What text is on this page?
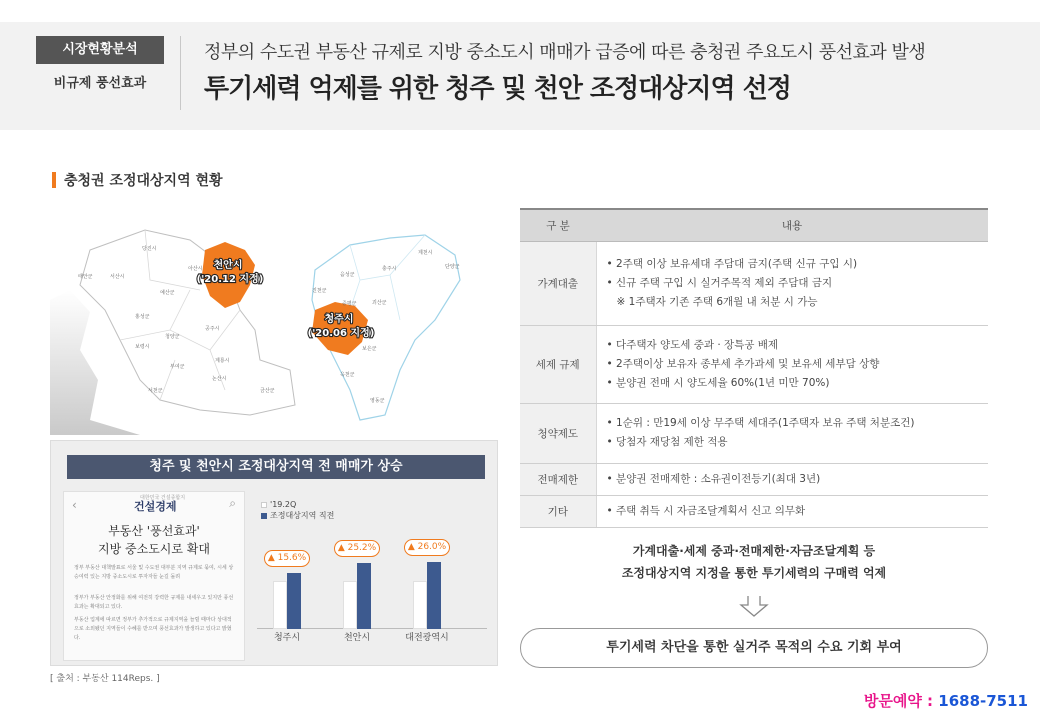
시장현황분석
비규제 풍선효과
정부의 수도권 부동산 규제로 지방 중소도시 매매가 급증에 따른 충청권 주요도시 풍선효과 발생
투기세력 억제를 위한 청주 및 천안 조정대상지역 선정
충청권 조정대상지역 현황
당진시
태안군	서산시
예산군
홍성군
청양군
공주시
보령시
부여군
계룡시
논산시
서천군	금산군
아산시
제천시
음성군
충주시	단양군
진천군
증평군	괴산군
보은군
옥천군
영동군
천안시
('20.12 지정)
청주시
('20.06 지정)
청주 및 천안시 조정대상지역 전 매매가 상승
‹	⌕
대한민국 건설종합지
건설경제
부동산 '풍선효과'
지방 중소도시로 확대
정부 부동산 대책발표로 서울 및 수도권 대부분 지역 규제로 묶여, 시세 상승여력 있는 지방 중소도시로 투자자들 눈길 돌려
정부가 부동산 안정화를 위해 여전히 강력한 규제를 내세우고 있지만 풍선효과는 확대되고 있다.
부동산 업계에 따르면 정부가 추가적으로 규제지역을 늘릴 때마다 상대적으로 소외됐던 지역들이 수혜를 받으며 풍선효과가 발생하고 있다고 밝혔다.
'19.2Q
조정대상지역 직전
▲ 15.6%
청주시
▲ 25.2%
천안시
▲ 26.0%
대전광역시
[ 출처 : 부동산 114Reps. ]
구 분	내용
가계대출	• 2주택 이상 보유세대 주담대 금지(주택 신규 구입 시)
• 신규 주택 구입 시 실거주목적 제외 주담대 금지
※ 1주택자 기존 주택 6개월 내 처분 시 가능

세제 규제	• 다주택자 양도세 중과 · 장특공 배제
• 2주택이상 보유자 종부세 추가과세 및 보유세 세부담 상향
• 분양권 전매 시 양도세율 60%(1년 미만 70%)

청약제도	• 1순위 : 만19세 이상 무주택 세대주(1주택자 보유 주택 처분조건)
• 당첨자 재당첨 제한 적용

전매제한	• 분양권 전매제한 : 소유권이전등기(최대 3년)

기타	• 주택 취득 시 자금조달계획서 신고 의무화
가계대출·세제 중과·전매제한·자금조달계획 등
조정대상지역 지정을 통한 투기세력의 구매력 억제
투기세력 차단을 통한 실거주 목적의 수요 기회 부여
방문예약 : 1688-7511
